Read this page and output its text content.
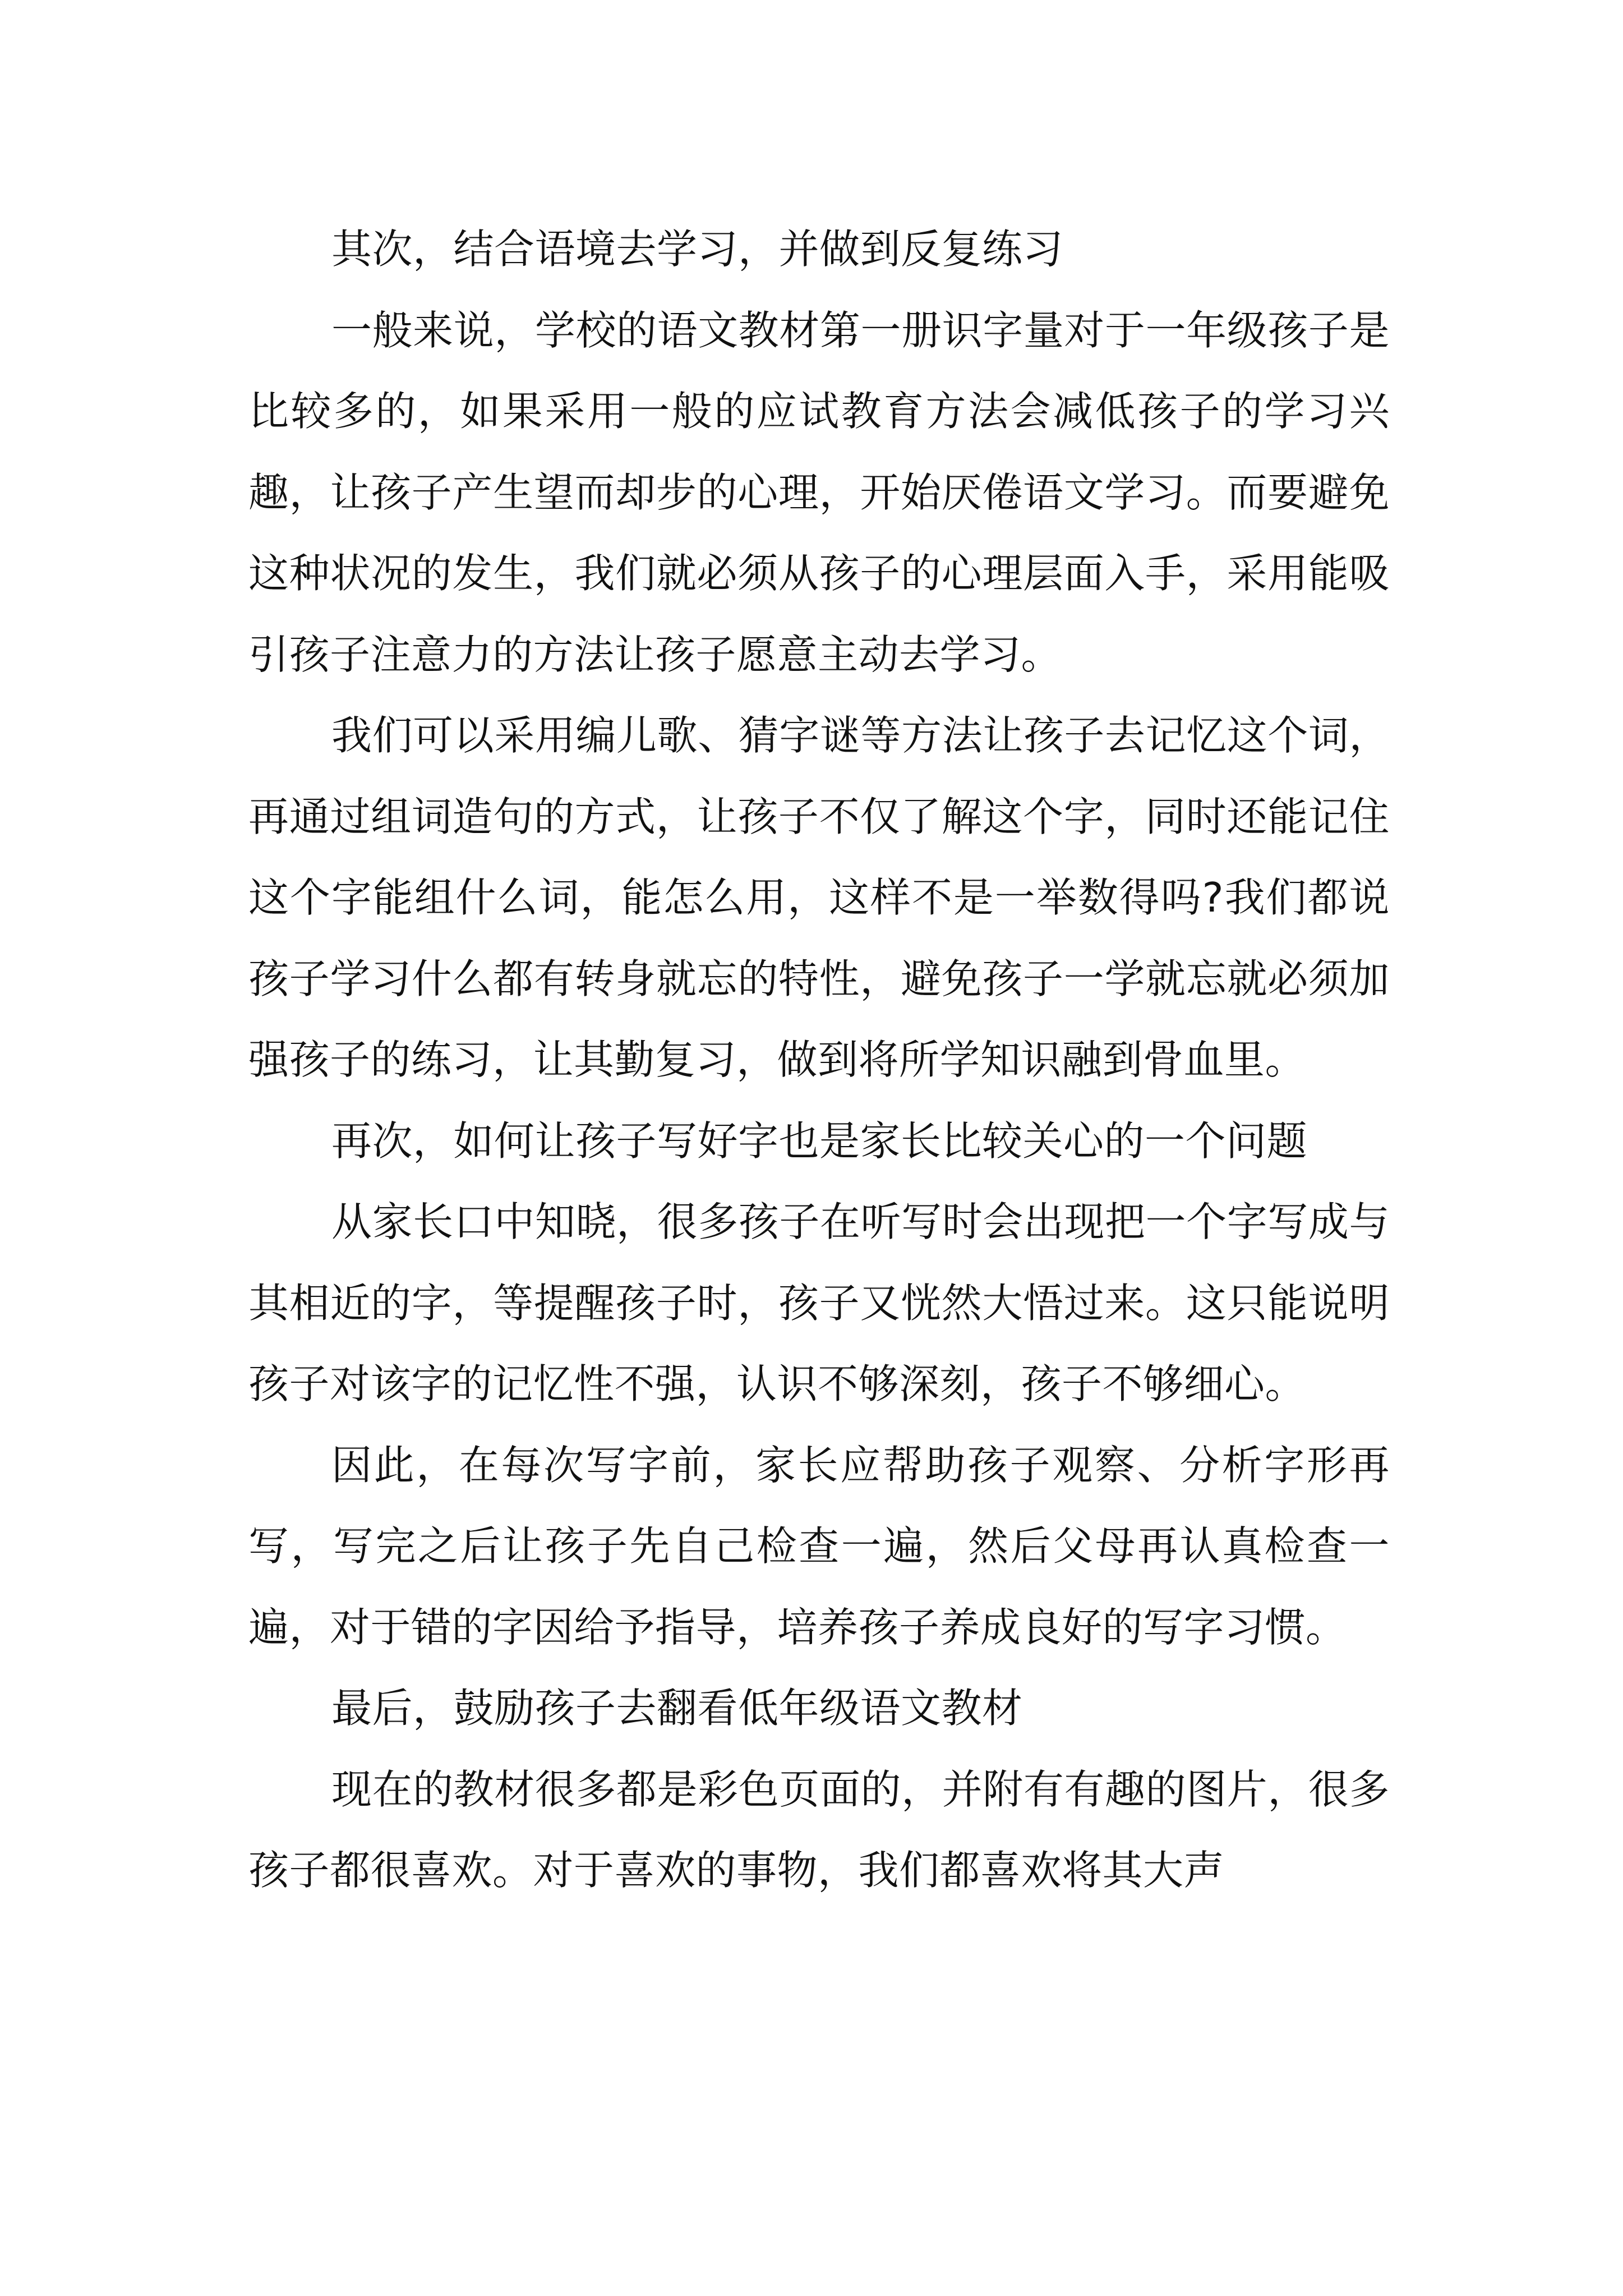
其次，结合语境去学习，并做到反复练习

一般来说，学校的语文教材第一册识字量对于一年级孩子是比较多的，如果采用一般的应试教育方法会减低孩子的学习兴趣，让孩子产生望而却步的心理，开始厌倦语文学习。而要避免这种状况的发生，我们就必须从孩子的心理层面入手，采用能吸引孩子注意力的方法让孩子愿意主动去学习。

我们可以采用编儿歌、猜字谜等方法让孩子去记忆这个词，再通过组词造句的方式，让孩子不仅了解这个字，同时还能记住这个字能组什么词，能怎么用，这样不是一举数得吗?我们都说孩子学习什么都有转身就忘的特性，避免孩子一学就忘就必须加强孩子的练习，让其勤复习，做到将所学知识融到骨血里。

再次，如何让孩子写好字也是家长比较关心的一个问题

从家长口中知晓，很多孩子在听写时会出现把一个字写成与其相近的字，等提醒孩子时，孩子又恍然大悟过来。这只能说明孩子对该字的记忆性不强，认识不够深刻，孩子不够细心。

因此，在每次写字前，家长应帮助孩子观察、分析字形再写，写完之后让孩子先自己检查一遍，然后父母再认真检查一遍，对于错的字因给予指导，培养孩子养成良好的写字习惯。

最后，鼓励孩子去翻看低年级语文教材

现在的教材很多都是彩色页面的，并附有有趣的图片，很多孩子都很喜欢。对于喜欢的事物，我们都喜欢将其大声
